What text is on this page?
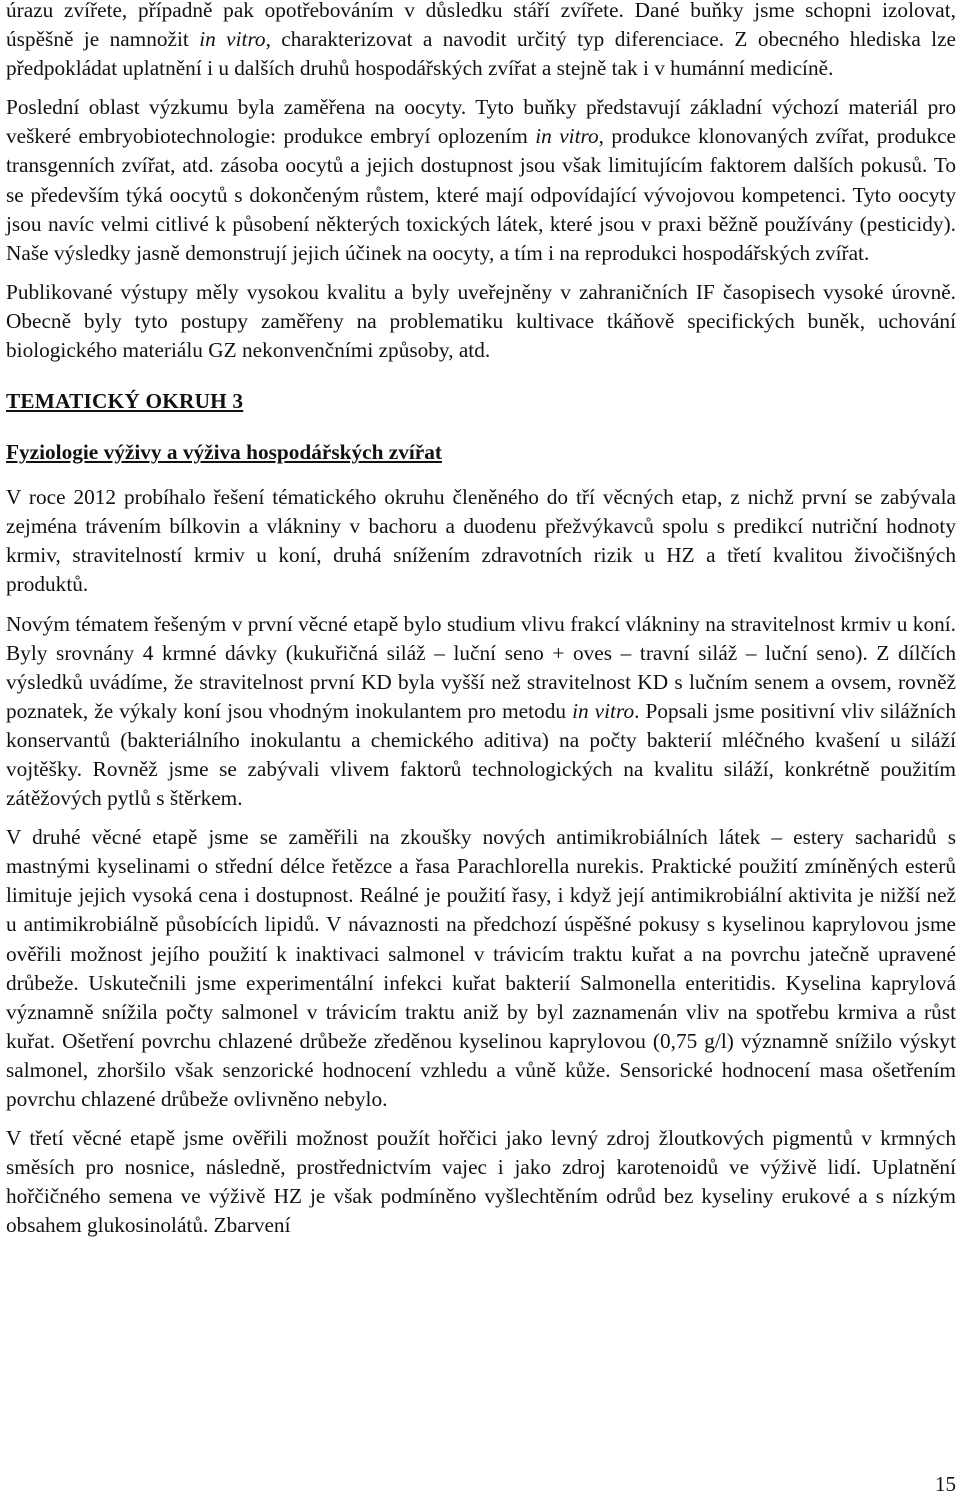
úrazu zvířete, případně pak opotřebováním v důsledku stáří zvířete. Dané buňky jsme schopni izolovat, úspěšně je namnožit in vitro, charakterizovat a navodit určitý typ diferenciace. Z obecného hlediska lze předpokládat uplatnění i u dalších druhů hospodářských zvířat a stejně tak i v humánní medicíně.

Poslední oblast výzkumu byla zaměřena na oocyty. Tyto buňky představují základní výchozí materiál pro veškeré embryobiotechnologie: produkce embryí oplozením in vitro, produkce klonovaných zvířat, produkce transgenních zvířat, atd. zásoba oocytů a jejich dostupnost jsou však limitujícím faktorem dalších pokusů. To se především týká oocytů s dokončeným růstem, které mají odpovídající vývojovou kompetenci. Tyto oocyty jsou navíc velmi citlivé k působení některých toxických látek, které jsou v praxi běžně používány (pesticidy). Naše výsledky jasně demonstrují jejich účinek na oocyty, a tím i na reprodukci hospodářských zvířat.

Publikované výstupy měly vysokou kvalitu a byly uveřejněny v zahraničních IF časopisech vysoké úrovně. Obecně byly tyto postupy zaměřeny na problematiku kultivace tkáňově specifických buněk, uchování biologického materiálu GZ nekonvenčními způsoby, atd.

TEMATICKÝ OKRUH 3
Fyziologie výživy a výživa hospodářských zvířat

V roce 2012 probíhalo řešení tématického okruhu členěného do tří věcných etap, z nichž první se zabývala zejména trávením bílkovin a vlákniny v bachoru a duodenu přežvýkavců spolu s predikcí nutriční hodnoty krmiv, stravitelností krmiv u koní, druhá snížením zdravotních rizik u HZ a třetí kvalitou živočišných produktů.

Novým tématem řešeným v první věcné etapě bylo studium vlivu frakcí vlákniny na stravitelnost krmiv u koní. Byly srovnány 4 krmné dávky (kukuřičná siláž – luční seno + oves – travní siláž – luční seno). Z dílčích výsledků uvádíme, že stravitelnost první KD byla vyšší než stravitelnost KD s lučním senem a ovsem, rovněž poznatek, že výkaly koní jsou vhodným inokulantem pro metodu in vitro. Popsali jsme positivní vliv silážních konservantů (bakteriálního inokulantu a chemického aditiva) na počty bakterií mléčného kvašení u siláží vojtěšky. Rovněž jsme se zabývali vlivem faktorů technologických na kvalitu siláží, konkrétně použitím zátěžových pytlů s štěrkem.

V druhé věcné etapě jsme se zaměřili na zkoušky nových antimikrobiálních látek – estery sacharidů s mastnými kyselinami o střední délce řetězce a řasa Parachlorella nurekis. Praktické použití zmíněných esterů limituje jejich vysoká cena i dostupnost. Reálné je použití řasy, i když její antimikrobiální aktivita je nižší než u antimikrobiálně působících lipidů. V návaznosti na předchozí úspěšné pokusy s kyselinou kaprylovou jsme ověřili možnost jejího použití k inaktivaci salmonel v trávicím traktu kuřat a na povrchu jatečně upravené drůbeže. Uskutečnili jsme experimentální infekci kuřat bakterií Salmonella enteritidis. Kyselina kaprylová významně snížila počty salmonel v trávicím traktu aniž by byl zaznamenán vliv na spotřebu krmiva a růst kuřat. Ošetření povrchu chlazené drůbeže zředěnou kyselinou kaprylovou (0,75 g/l) významně snížilo výskyt salmonel, zhoršilo však senzorické hodnocení vzhledu a vůně kůže. Sensorické hodnocení masa ošetřením povrchu chlazené drůbeže ovlivněno nebylo.

V třetí věcné etapě jsme ověřili možnost použít hořčici jako levný zdroj žloutkových pigmentů v krmných směsích pro nosnice, následně, prostřednictvím vajec i jako zdroj karotenoidů ve výživě lidí. Uplatnění hořčičného semena ve výživě HZ je však podmíněno vyšlechtěním odrůd bez kyseliny erukové a s nízkým obsahem glukosinolátů. Zbarvení

15
